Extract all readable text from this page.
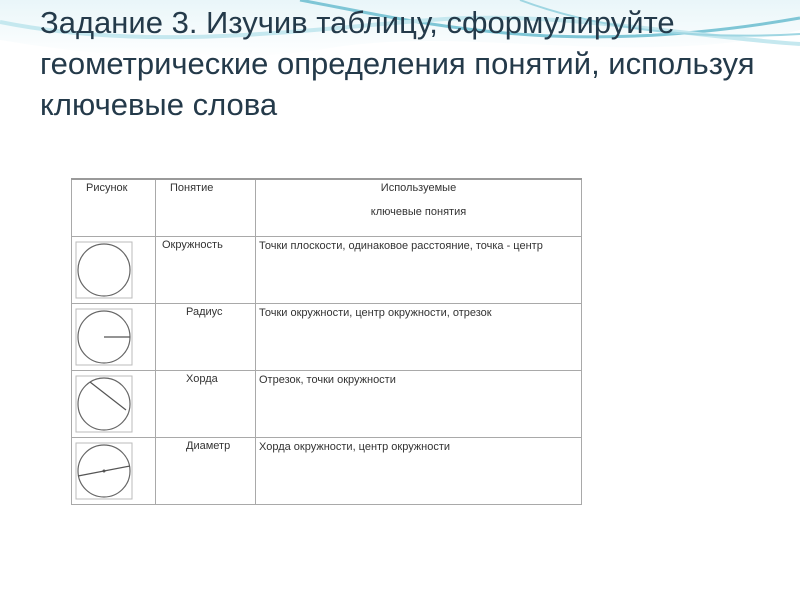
Задание 3. Изучив таблицу, сформулируйте геометрические определения понятий, используя ключевые слова
Рисунок	Понятие	Используемые
ключевые понятия

	Окружность	Точки плоскости, одинаковое расстояние, точка - центр

	Радиус	Точки окружности, центр окружности, отрезок

	Хорда	Отрезок, точки окружности

	Диаметр	Хорда окружности, центр окружности
